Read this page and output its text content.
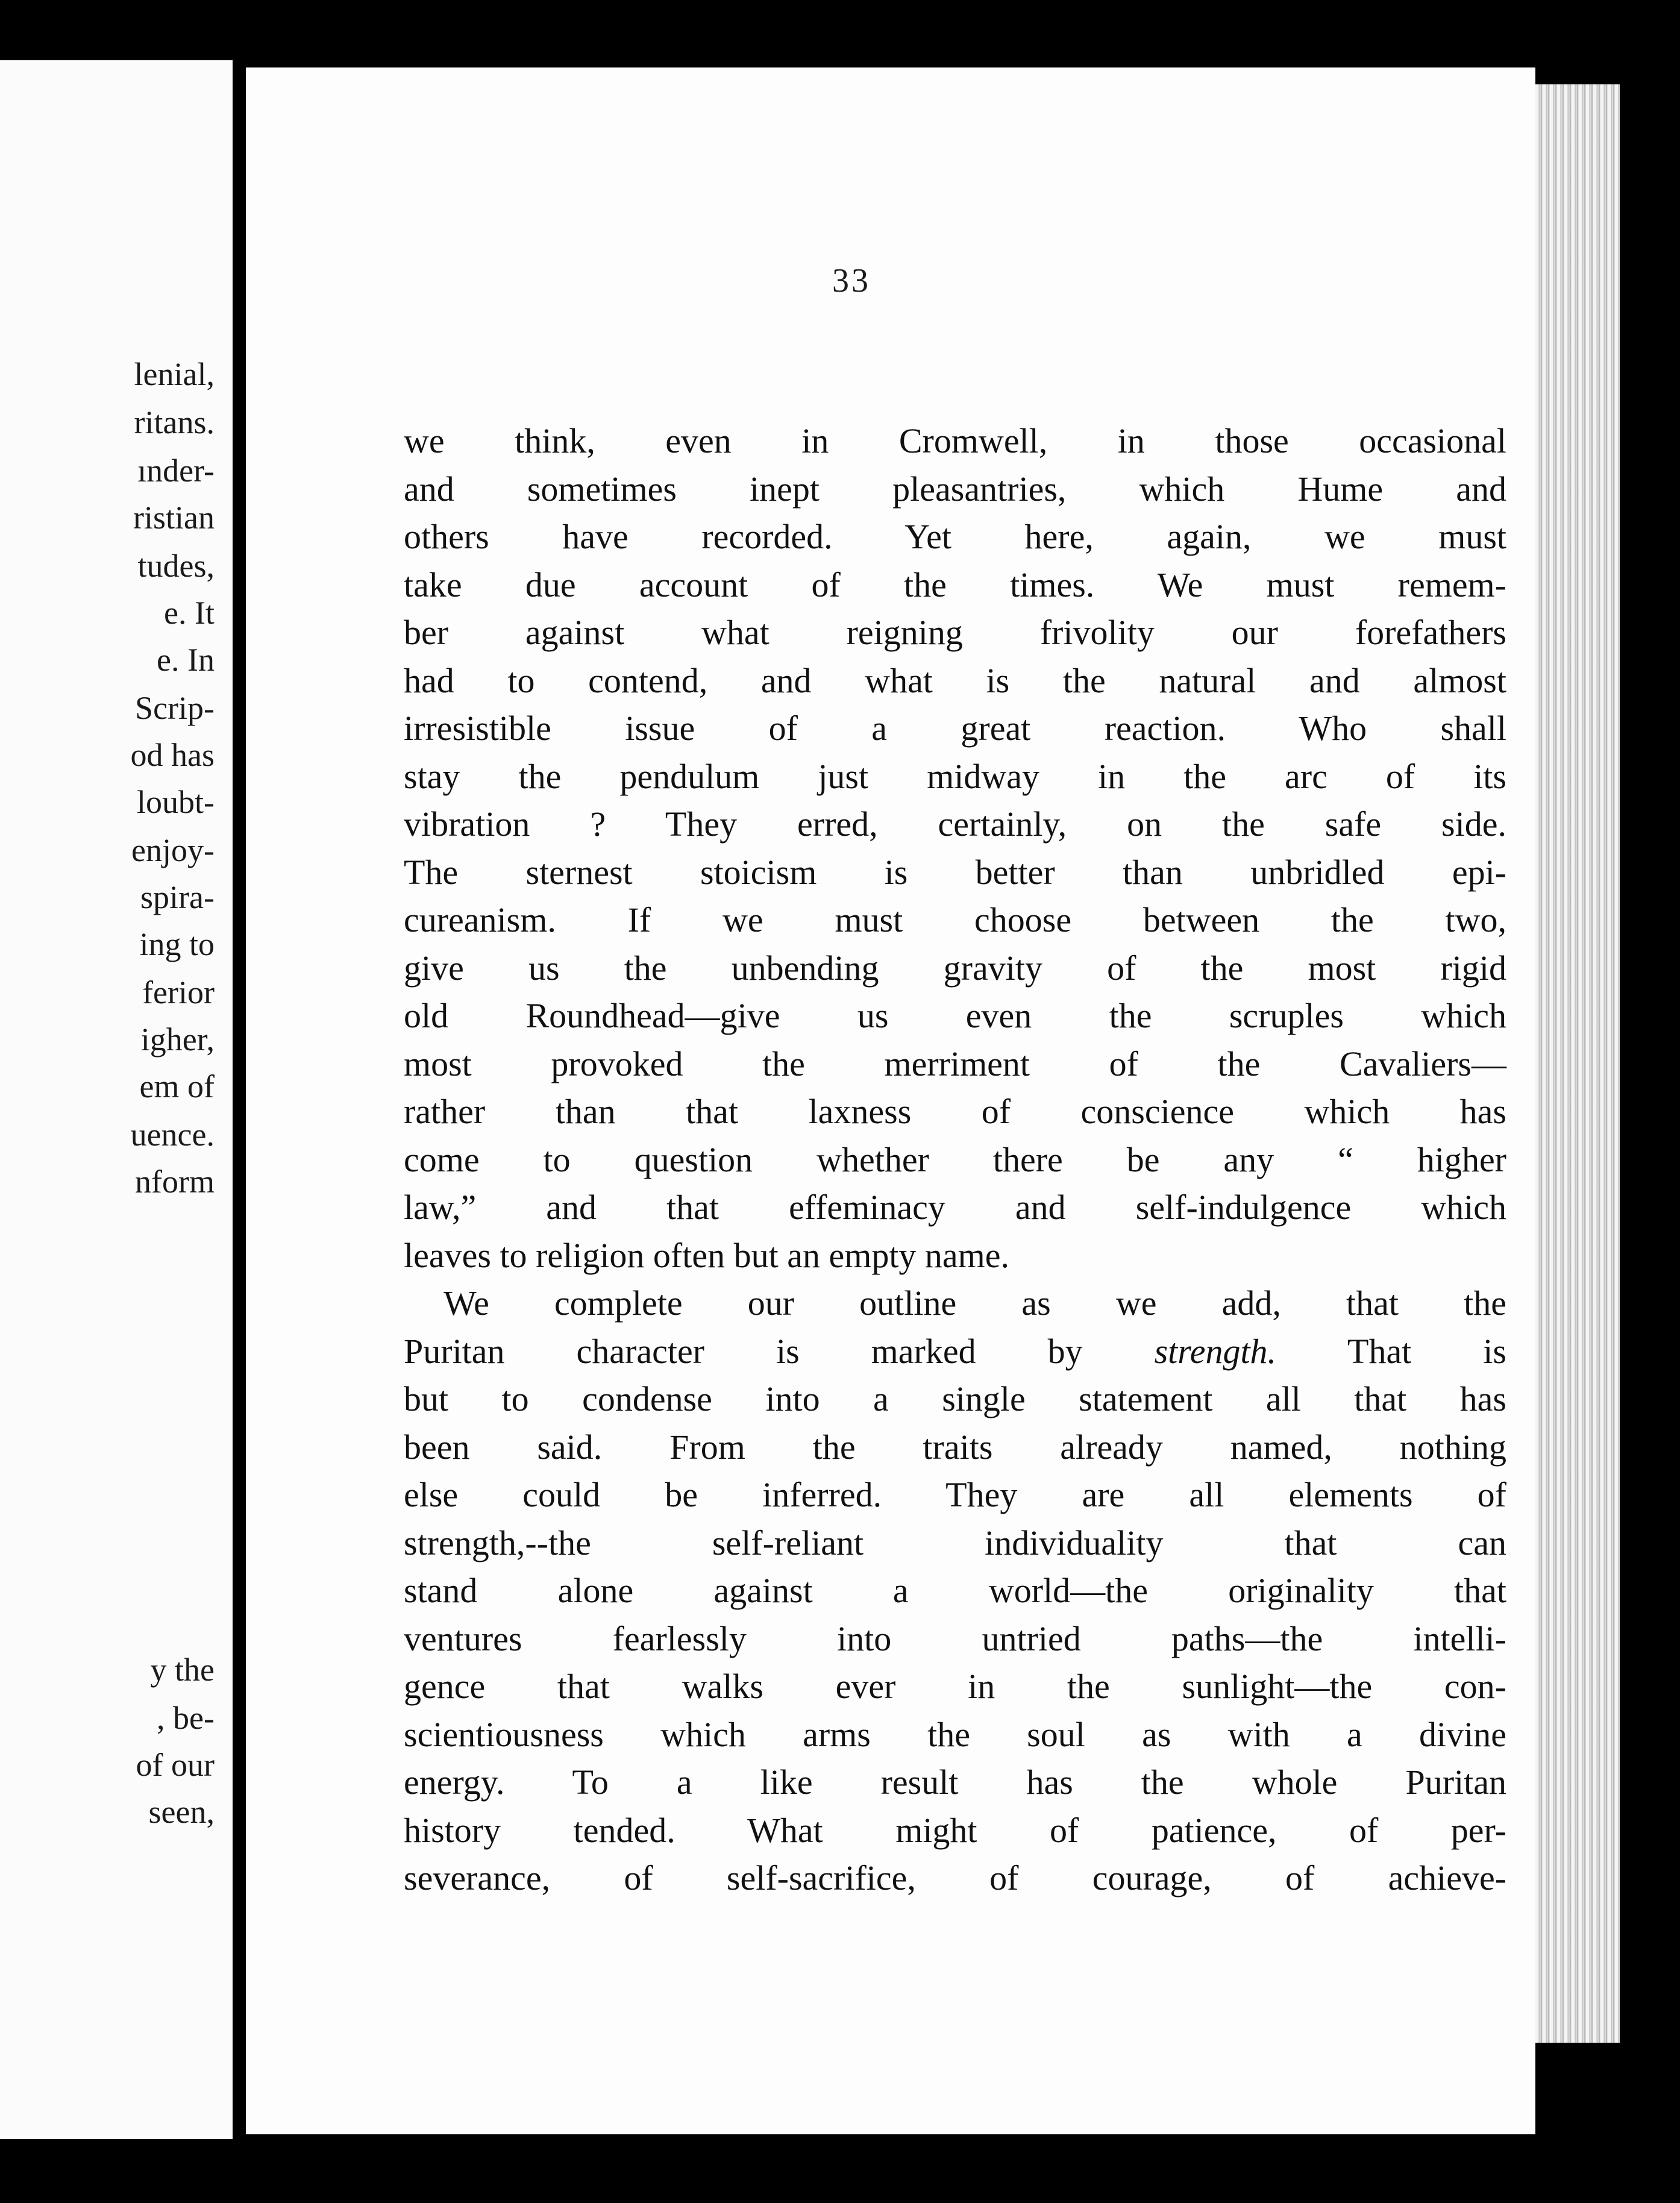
lenial,
ritans.
ınder-
ristian
tudes,
e. It
e. In
Scrip-
od has
loubt-
enjoy-
spira-
ing to
ferior
igher,
em of
uence.
nform
y the
, be-
of our
seen,
33
we think, even in Cromwell, in those occasional
and sometimes inept pleasantries, which Hume and
others have recorded. Yet here, again, we must
take due account of the times. We must remem-
ber against what reigning frivolity our forefathers
had to contend, and what is the natural and almost
irresistible issue of a great reaction. Who shall
stay the pendulum just midway in the arc of its
vibration ? They erred, certainly, on the safe side.
The sternest stoicism is better than unbridled epi-
cureanism. If we must choose between the two,
give us the unbending gravity of the most rigid
old Roundhead—give us even the scruples which
most provoked the merriment of the Cavaliers—
rather than that laxness of conscience which has
come to question whether there be any “ higher
law,” and that effeminacy and self-indulgence which
leaves to religion often but an empty name.
We complete our outline as we add, that the
Puritan character is marked by strength. That is
but to condense into a single statement all that has
been said. From the traits already named, nothing
else could be inferred. They are all elements of
strength,--the self-reliant individuality that can
stand alone against a world—the originality that
ventures fearlessly into untried paths—the intelli-
gence that walks ever in the sunlight—the con-
scientiousness which arms the soul as with a divine
energy. To a like result has the whole Puritan
history tended. What might of patience, of per-
severance, of self-sacrifice, of courage, of achieve-
